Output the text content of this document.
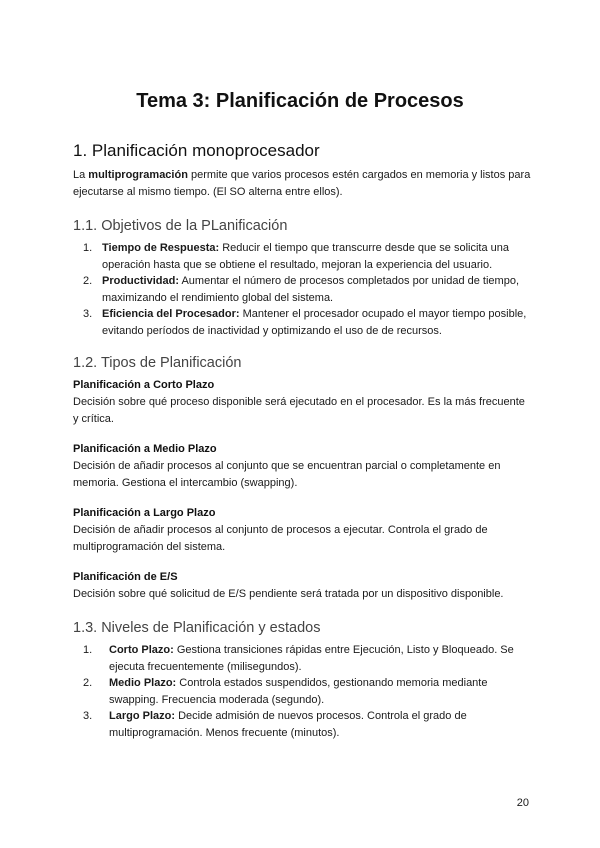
Tema 3: Planificación de Procesos
1. Planificación monoprocesador

La multiprogramación permite que varios procesos estén cargados en memoria y listos para ejecutarse al mismo tiempo. (El SO alterna entre ellos).

1.1. Objetivos de la PLanificación
1. Tiempo de Respuesta: Reducir el tiempo que transcurre desde que se solicita una operación hasta que se obtiene el resultado, mejoran la experiencia del usuario.
2. Productividad: Aumentar el número de procesos completados por unidad de tiempo, maximizando el rendimiento global del sistema.
3. Eficiencia del Procesador: Mantener el procesador ocupado el mayor tiempo posible, evitando períodos de inactividad y optimizando el uso de de recursos.
1.2. Tipos de Planificación
Planificación a Corto Plazo

Decisión sobre qué proceso disponible será ejecutado en el procesador. Es la más frecuente y crítica.

Planificación a Medio Plazo

Decisión de añadir procesos al conjunto que se encuentran parcial o completamente en memoria. Gestiona el intercambio (swapping).

Planificación a Largo Plazo

Decisión de añadir procesos al conjunto de procesos a ejecutar. Controla el grado de multiprogramación del sistema.

Planificación de E/S

Decisión sobre qué solicitud de E/S pendiente será tratada por un dispositivo disponible.

1.3. Niveles de Planificación y estados
1. Corto Plazo: Gestiona transiciones rápidas entre Ejecución, Listo y Bloqueado. Se ejecuta frecuentemente (milisegundos).
2. Medio Plazo: Controla estados suspendidos, gestionando memoria mediante swapping. Frecuencia moderada (segundo).
3. Largo Plazo: Decide admisión de nuevos procesos. Controla el grado de multiprogramación. Menos frecuente (minutos).
20
